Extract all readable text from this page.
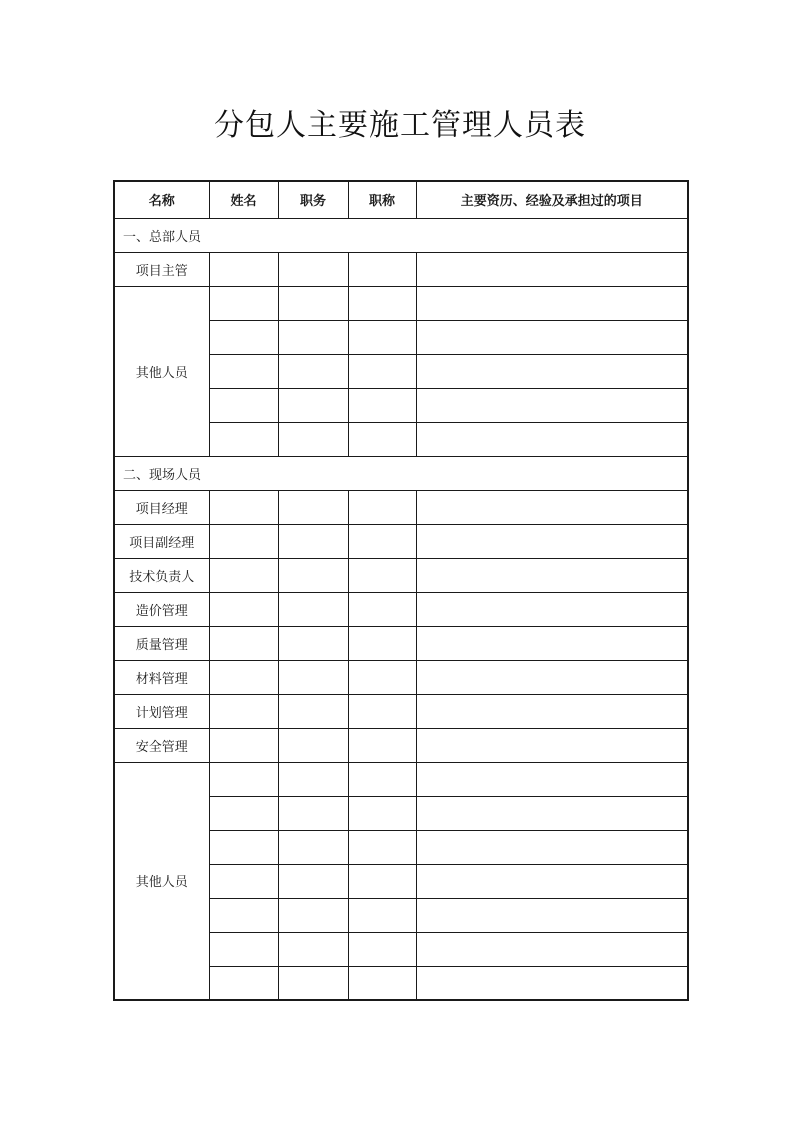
分包人主要施工管理人员表
名称	姓名	职务	职称	主要资历、经验及承担过的项目
一、总部人员				
项目主管				
其他人员				

二、现场人员				
项目经理				
项目副经理				
技术负责人				
造价管理				
质量管理				
材料管理				
计划管理				
安全管理				
其他人员				
